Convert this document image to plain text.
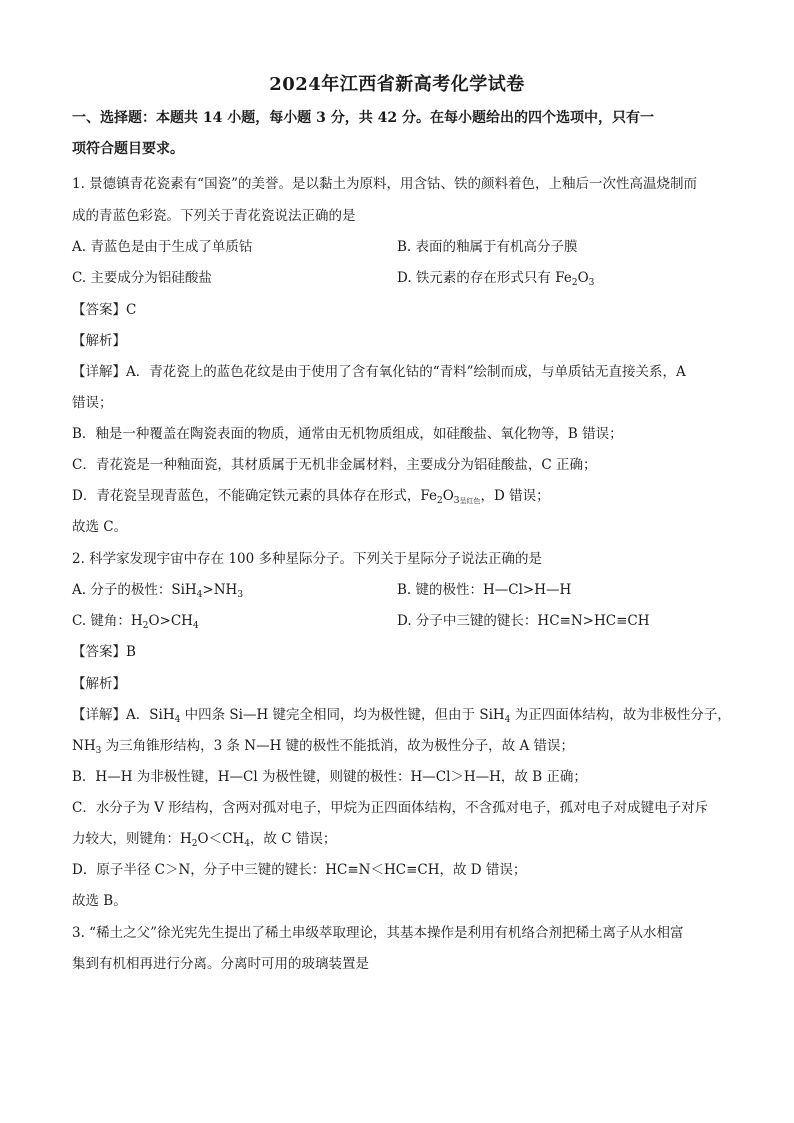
2024年江西省新高考化学试卷
一、选择题：本题共 14 小题，每小题 3 分，共 42 分。在每小题给出的四个选项中，只有一
项符合题目要求。
1. 景德镇青花瓷素有“国瓷”的美誉。是以黏土为原料，用含钴、铁的颜料着色，上釉后一次性高温烧制而
成的青蓝色彩瓷。下列关于青花瓷说法正确的是
A. 青蓝色是由于生成了单质钴	B. 表面的釉属于有机高分子膜
C. 主要成分为铝硅酸盐	D. 铁元素的存在形式只有 $Fe_2O_3$
【答案】C
【解析】
【详解】A．青花瓷上的蓝色花纹是由于使用了含有氧化钴的“青料”绘制而成，与单质钴无直接关系，A
错误；
B．釉是一种覆盖在陶瓷表面的物质，通常由无机物质组成，如硅酸盐、氧化物等，B 错误；
C．青花瓷是一种釉面瓷，其材质属于无机非金属材料，主要成分为铝硅酸盐，C 正确；
D．青花瓷呈现青蓝色，不能确定铁元素的具体存在形式，$Fe_2O_{3呈红色}$，D 错误；
故选 C。
2. 科学家发现宇宙中存在 100 多种星际分子。下列关于星际分子说法正确的是
A. 分子的极性：$SiH_4>NH_3$	B. 键的极性：H—Cl>H—H
C. 键角：$H_2O>CH_4$	D. 分子中三键的键长：HC≡N>HC≡CH
【答案】B
【解析】
【详解】A．SiH$_4$ 中四条 Si—H 键完全相同，均为极性键，但由于 SiH$_4$ 为正四面体结构，故为非极性分子，
$NH_3$ 为三角锥形结构，3 条 N—H 键的极性不能抵消，故为极性分子，故 A 错误；
B．H—H 为非极性键，H—Cl 为极性键，则键的极性：H—Cl＞H—H，故 B 正确；
C．水分子为 V 形结构，含两对孤对电子，甲烷为正四面体结构，不含孤对电子，孤对电子对成键电子对斥
力较大，则键角：$H_2O<CH_4$，故 C 错误；
D．原子半径 C＞N，分子中三键的键长：HC≡N＜HC≡CH，故 D 错误；
故选 B。
3. “稀土之父”徐光宪先生提出了稀土串级萃取理论，其基本操作是利用有机络合剂把稀土离子从水相富
集到有机相再进行分离。分离时可用的玻璃装置是
